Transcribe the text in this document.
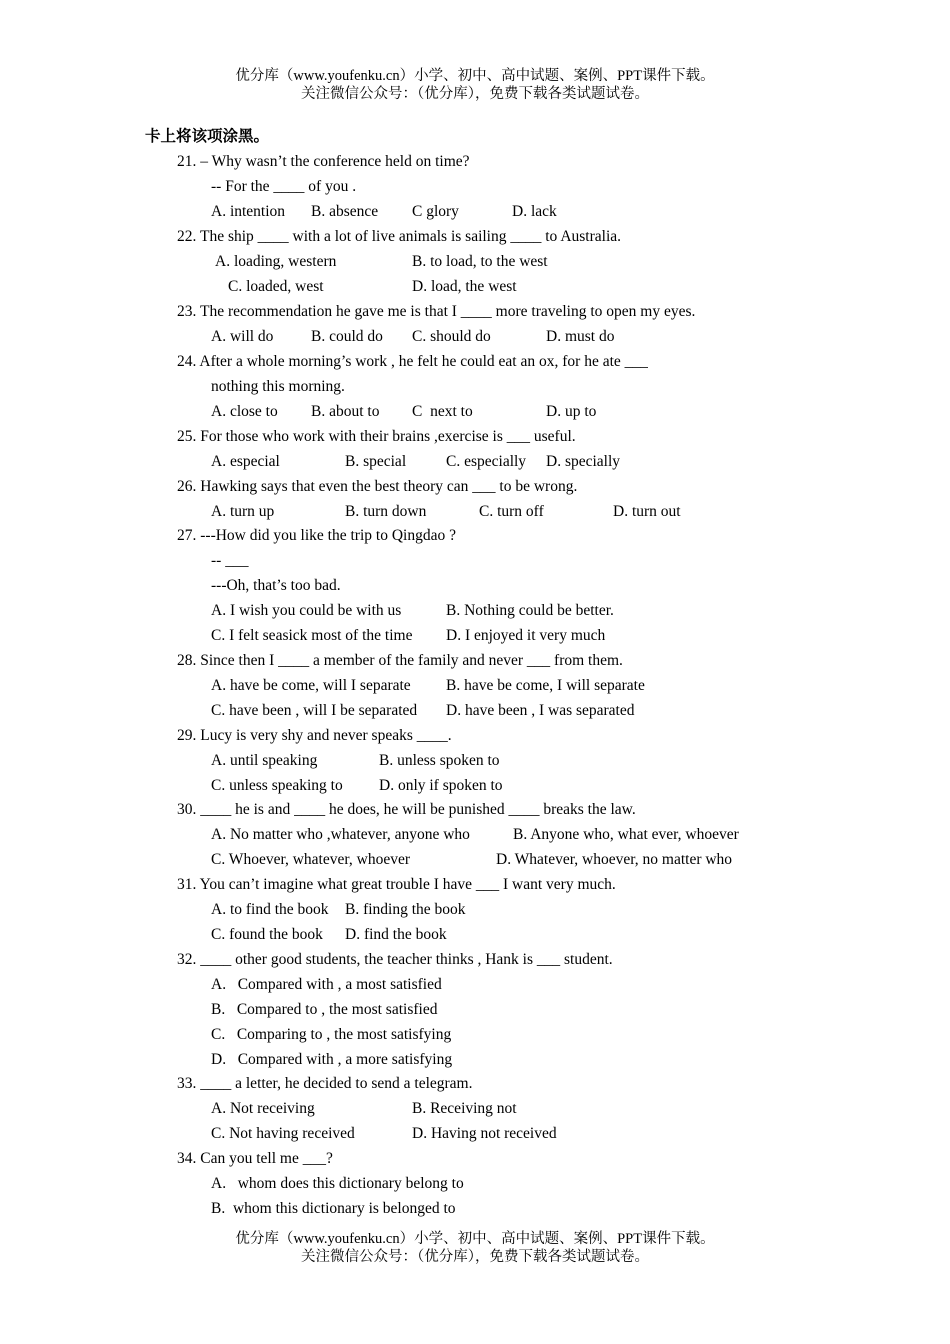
优分库（www.youfenku.cn）小学、初中、高中试题、案例、PPT课件下载。
关注微信公众号：（优分库），免费下载各类试题试卷。
卡上将该项涂黑。
21. – Why wasn’t the conference held on time?
-- For the ____ of you .
A. intention B. absence C glory	D. lack
22. The ship ____ with a lot of live animals is sailing ____ to Australia.
A. loading, western	B. to load, to the west
C. loaded, west	D. load, the west
23. The recommendation he gave me is that I ____ more traveling to open my eyes.
A. will do B. could do C. should do	D. must do
24. After a whole morning’s work , he felt he could eat an ox, for he ate ___
nothing this morning.
A. close to B. about to C  next to	D. up to
25. For those who work with their brains ,exercise is ___ useful.
A. especial	B. special	C. especially D. specially
26. Hawking says that even the best theory can ___ to be wrong.
A. turn up	B. turn down	C. turn off	D. turn out
27. ---How did you like the trip to Qingdao ?
-- ___
---Oh, that’s too bad.
A. I wish you could be with us	B. Nothing could be better.
C. I felt seasick most of the time D. I enjoyed it very much
28. Since then I ____ a member of the family and never ___ from them.
A. have be come, will I separate B. have be come, I will separate
C. have been , will I be separated D. have been , I was separated
29. Lucy is very shy and never speaks ____.
A. until speaking	B. unless spoken to
C. unless speaking to D. only if spoken to
30. ____ he is and ____ he does, he will be punished ____ breaks the law.
A. No matter who ,whatever, anyone who	B. Anyone who, what ever, whoever
C. Whoever, whatever, whoever	D. Whatever, whoever, no matter who
31. You can’t imagine what great trouble I have ___ I want very much.
A. to find the book B. finding the book
C. found the book D. find the book
32. ____ other good students, the teacher thinks , Hank is ___ student.
A.   Compared with , a most satisfied
B.   Compared to , the most satisfied
C.   Comparing to , the most satisfying
D.   Compared with , a more satisfying
33. ____ a letter, he decided to send a telegram.
A. Not receiving	B. Receiving not
C. Not having received	D. Having not received
34. Can you tell me ___?
A.   whom does this dictionary belong to
B.  whom this dictionary is belonged to
优分库（www.youfenku.cn）小学、初中、高中试题、案例、PPT课件下载。
关注微信公众号：（优分库），免费下载各类试题试卷。
